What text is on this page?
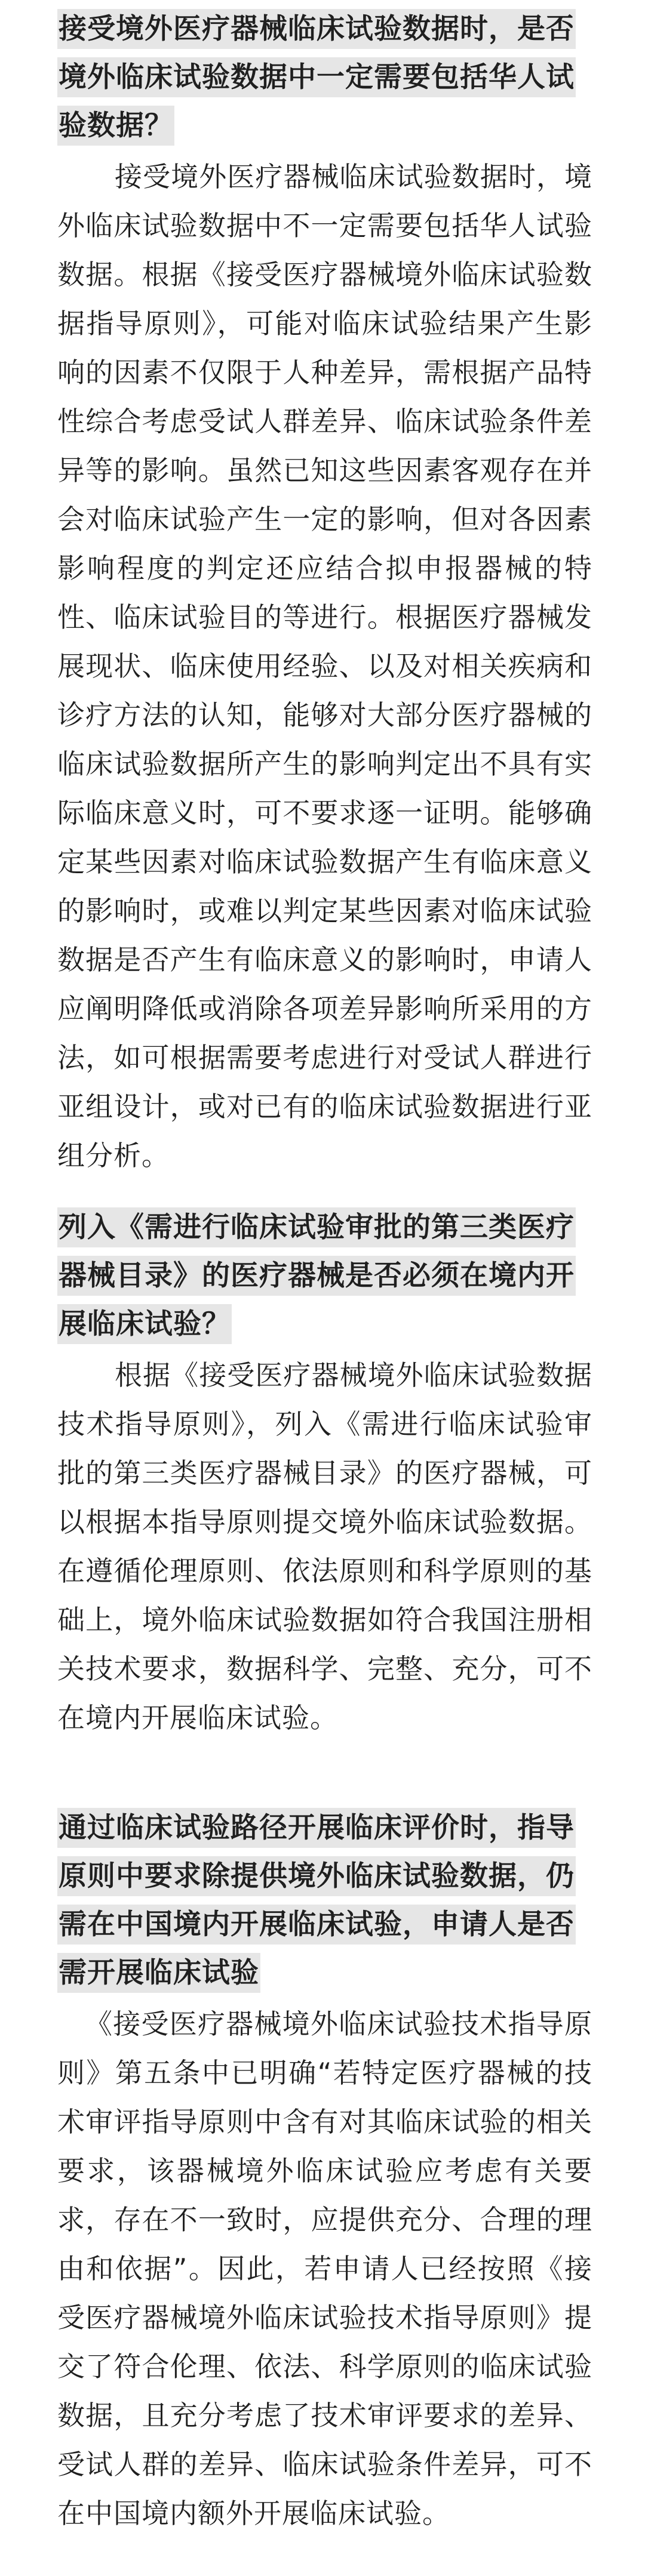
接受境外医疗器械临床试验数据时，是否境外临床试验数据中一定需要包括华人试验数据？

接受境外医疗器械临床试验数据时，境外临床试验数据中不一定需要包括华人试验数据。根据《接受医疗器械境外临床试验数据指导原则》，可能对临床试验结果产生影响的因素不仅限于人种差异，需根据产品特性综合考虑受试人群差异、临床试验条件差异等的影响。虽然已知这些因素客观存在并会对临床试验产生一定的影响，但对各因素影响程度的判定还应结合拟申报器械的特性、临床试验目的等进行。根据医疗器械发展现状、临床使用经验、以及对相关疾病和诊疗方法的认知，能够对大部分医疗器械的临床试验数据所产生的影响判定出不具有实际临床意义时，可不要求逐一证明。能够确定某些因素对临床试验数据产生有临床意义的影响时，或难以判定某些因素对临床试验数据是否产生有临床意义的影响时，申请人应阐明降低或消除各项差异影响所采用的方法，如可根据需要考虑进行对受试人群进行亚组设计，或对已有的临床试验数据进行亚组分析。

列入《需进行临床试验审批的第三类医疗器械目录》的医疗器械是否必须在境内开展临床试验？

根据《接受医疗器械境外临床试验数据技术指导原则》，列入《需进行临床试验审批的第三类医疗器械目录》的医疗器械，可以根据本指导原则提交境外临床试验数据。在遵循伦理原则、依法原则和科学原则的基础上，境外临床试验数据如符合我国注册相关技术要求，数据科学、完整、充分，可不在境内开展临床试验。

通过临床试验路径开展临床评价时，指导原则中要求除提供境外临床试验数据，仍需在中国境内开展临床试验，申请人是否需开展临床试验

《接受医疗器械境外临床试验技术指导原则》第五条中已明确“若特定医疗器械的技术审评指导原则中含有对其临床试验的相关要求，该器械境外临床试验应考虑有关要求，存在不一致时，应提供充分、合理的理由和依据”。因此，若申请人已经按照《接受医疗器械境外临床试验技术指导原则》提交了符合伦理、依法、科学原则的临床试验数据，且充分考虑了技术审评要求的差异、受试人群的差异、临床试验条件差异，可不在中国境内额外开展临床试验。
